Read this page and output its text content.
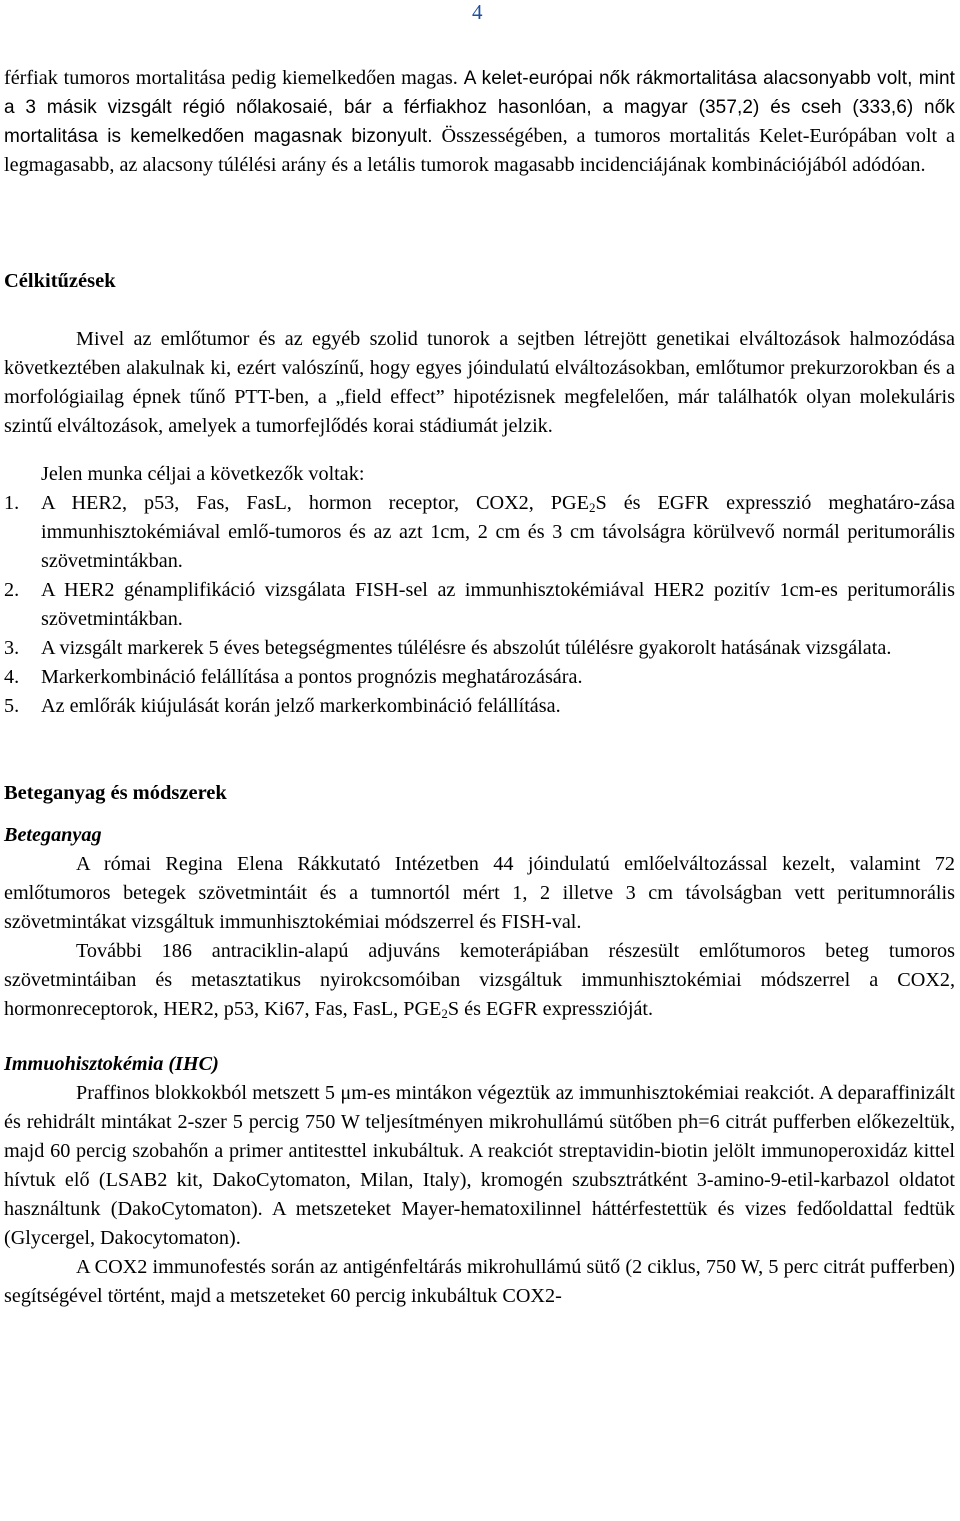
4

férfiak tumoros mortalitása pedig kiemelkedően magas. A kelet-európai nők rákmortalitása alacsonyabb volt, mint a 3 másik vizsgált régió nőlakosaié, bár a férfiakhoz hasonlóan, a magyar (357,2) és cseh (333,6) nők mortalitása is kemelkedően magasnak bizonyult. Összességében, a tumoros mortalitás Kelet-Európában volt a legmagasabb, az alacsony túlélési arány és a letális tumorok magasabb incidenciájának kombinációjából adódóan.

Célkitűzések

Mivel az emlőtumor és az egyéb szolid tunorok a sejtben létrejött genetikai elváltozások halmozódása következtében alakulnak ki, ezért valószínű, hogy egyes jóindulatú elváltozásokban, emlőtumor prekurzorokban és a morfológiailag épnek tűnő PTT-ben, a „field effect” hipotézisnek megfelelően, már találhatók olyan molekuláris szintű elváltozások, amelyek a tumorfejlődés korai stádiumát jelzik.

Jelen munka céljai a következők voltak:

1.	A HER2, p53, Fas, FasL, hormon receptor, COX2, $PGE_2S$ és EGFR expresszió meghatáro-zása immunhisztokémiával emlő-tumoros és az azt 1cm, 2 cm és 3 cm távolságra körülvevő normál peritumorális szövetmintákban.
2.	A HER2 génamplifikáció vizsgálata FISH-sel az immunhisztokémiával HER2 pozitív 1cm-es peritumorális szövetmintákban.
3.	A vizsgált markerek 5 éves betegségmentes túlélésre és abszolút túlélésre gyakorolt hatásának vizsgálata.
4.	Markerkombináció felállítása a pontos prognózis meghatározására.
5.	Az emlőrák kiújulását korán jelző markerkombináció felállítása.
Beteganyag és módszerek
Beteganyag

A római Regina Elena Rákkutató Intézetben 44 jóindulatú emlőelváltozással kezelt, valamint 72 emlőtumoros betegek szövetmintáit és a tumnortól mért 1, 2 illetve 3 cm távolságban vett peritumnorális szövetmintákat vizsgáltuk immunhisztokémiai módszerrel és FISH-val.

További 186 antraciklin-alapú adjuváns kemoterápiában részesült emlőtumoros beteg tumoros szövetmintáiban és metasztatikus nyirokcsomóiban vizsgáltuk immunhisztokémiai módszerrel a COX2, hormonreceptorok, HER2, p53, Ki67, Fas, FasL, $PGE_2S$ és EGFR expresszióját.

Immuohisztokémia (IHC)

Praffinos blokkokból metszett 5 μm-es mintákon végeztük az immunhisztokémiai reakciót. A deparaffinizált és rehidrált mintákat 2-szer 5 percig 750 W teljesítményen mikrohullámú sütőben ph=6 citrát pufferben előkezeltük, majd 60 percig szobahőn a primer antitesttel inkubáltuk. A reakciót streptavidin-biotin jelölt immunoperoxidáz kittel hívtuk elő (LSAB2 kit, DakoCytomaton, Milan, Italy), kromogén szubsztrátként 3-amino-9-etil-karbazol oldatot használtunk (DakoCytomaton). A metszeteket Mayer-hematoxilinnel háttérfestettük és vizes fedőoldattal fedtük (Glycergel, Dakocytomaton).

A COX2 immunofestés során az antigénfeltárás mikrohullámú sütő (2 ciklus, 750 W, 5 perc citrát pufferben) segítségével történt, majd a metszeteket 60 percig inkubáltuk COX2-
